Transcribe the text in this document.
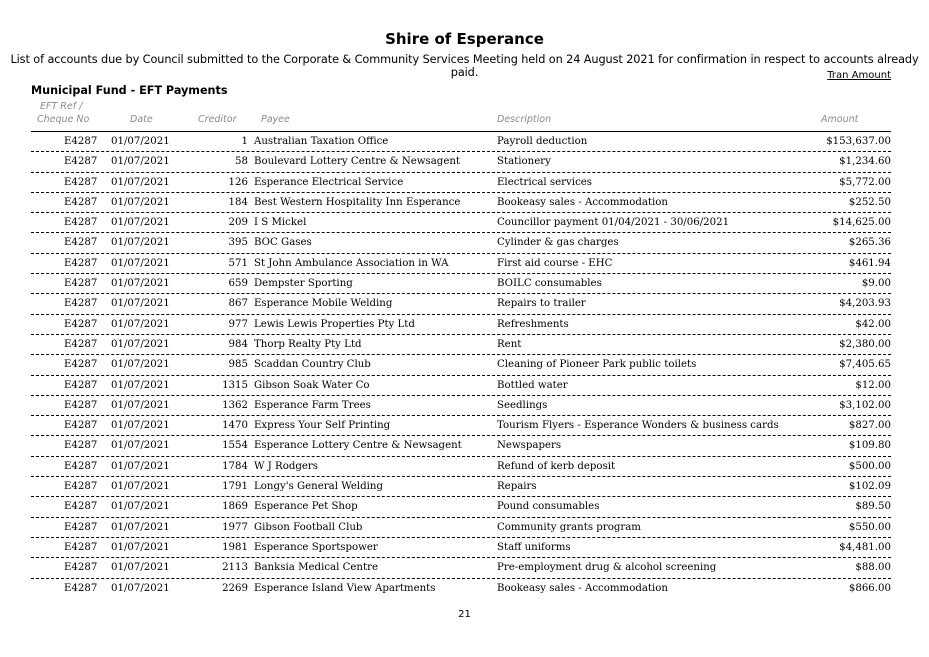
Shire of Esperance
List of accounts due by Council submitted to the Corporate & Community Services Meeting held on 24 August 2021 for confirmation in respect to accounts already paid.	Tran Amount
Municipal Fund - EFT Payments
EFT Ref /
Cheque No	Date	Creditor	Payee	Description	Amount
E4287 01/07/2021	1 Australian Taxation Office	Payroll deduction	$153,637.00
E4287 01/07/2021	58 Boulevard Lottery Centre & Newsagent	Stationery	$1,234.60
E4287 01/07/2021	126 Esperance Electrical Service	Electrical services	$5,772.00
E4287 01/07/2021	184 Best Western Hospitality Inn Esperance	Bookeasy sales - Accommodation	$252.50
E4287 01/07/2021	209 I S Mickel	Councillor payment 01/04/2021 - 30/06/2021	$14,625.00
E4287 01/07/2021	395 BOC Gases	Cylinder & gas charges	$265.36
E4287 01/07/2021	571 St John Ambulance Association in WA	First aid course - EHC	$461.94
E4287 01/07/2021	659 Dempster Sporting	BOILC consumables	$9.00
E4287 01/07/2021	867 Esperance Mobile Welding	Repairs to trailer	$4,203.93
E4287 01/07/2021	977 Lewis Lewis Properties Pty Ltd	Refreshments	$42.00
E4287 01/07/2021	984 Thorp Realty Pty Ltd	Rent	$2,380.00
E4287 01/07/2021	985 Scaddan Country Club	Cleaning of Pioneer Park public toilets	$7,405.65
E4287 01/07/2021	1315 Gibson Soak Water Co	Bottled water	$12.00
E4287 01/07/2021	1362 Esperance Farm Trees	Seedlings	$3,102.00
E4287 01/07/2021	1470 Express Your Self Printing	Tourism Flyers - Esperance Wonders & business cards	$827.00
E4287 01/07/2021	1554 Esperance Lottery Centre & Newsagent	Newspapers	$109.80
E4287 01/07/2021	1784 W J Rodgers	Refund of kerb deposit	$500.00
E4287 01/07/2021	1791 Longy's General Welding	Repairs	$102.09
E4287 01/07/2021	1869 Esperance Pet Shop	Pound consumables	$89.50
E4287 01/07/2021	1977 Gibson Football Club	Community grants program	$550.00
E4287 01/07/2021	1981 Esperance Sportspower	Staff uniforms	$4,481.00
E4287 01/07/2021	2113 Banksia Medical Centre	Pre-employment drug & alcohol screening	$88.00
E4287 01/07/2021	2269 Esperance Island View Apartments	Bookeasy sales - Accommodation	$866.00
21
